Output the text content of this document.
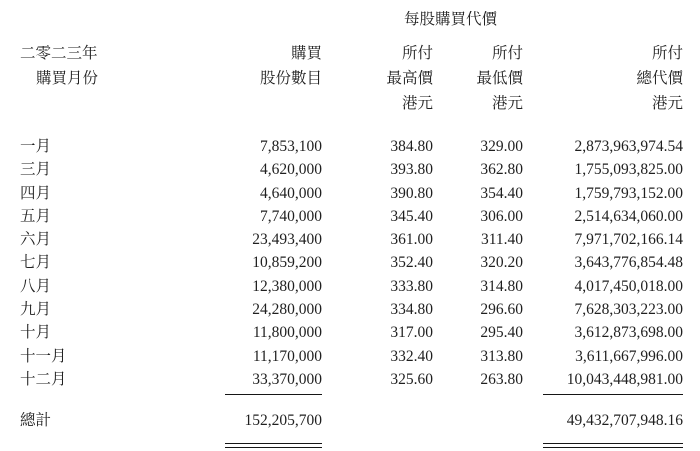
		每股購買代價			

二零二三年	購買	所付	所付	所付	
購買月份	股份數目	最高價	最低價	總代價	
		港元	港元	港元	

一月	7,853,100	384.80	329.00	2,873,963,974.54	
三月	4,620,000	393.80	362.80	1,755,093,825.00	
四月	4,640,000	390.80	354.40	1,759,793,152.00	
五月	7,740,000	345.40	306.00	2,514,634,060.00	
六月	23,493,400	361.00	311.40	7,971,702,166.14	
七月	10,859,200	352.40	320.20	3,643,776,854.48	
八月	12,380,000	333.80	314.80	4,017,450,018.00	
九月	24,280,000	334.80	296.60	7,628,303,223.00	
十月	11,800,000	317.00	295.40	3,612,873,698.00	
十一月	11,170,000	332.40	313.80	3,611,667,996.00	
十二月	33,370,000	325.60	263.80	10,043,448,981.00	

總計	152,205,700			49,432,707,948.16	
